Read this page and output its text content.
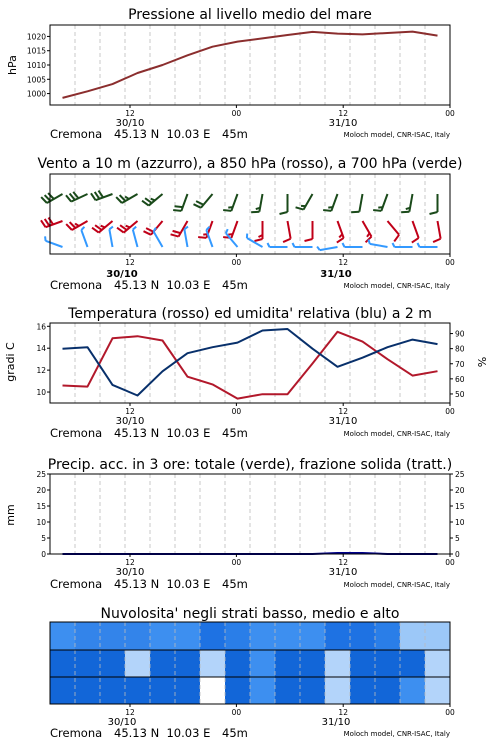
Pressione al livello medio del mare
hPa
1000
1005
1010
1015
1020
12	00	12	00
30/10	31/10
Cremona 45.13 N  10.03 E 45m	Moloch model, CNR-ISAC, Italy
Vento a 10 m (azzurro), a 850 hPa (rosso), a 700 hPa (verde)
12	00	12	00
30/10	31/10
Cremona 45.13 N  10.03 E 45m	Moloch model, CNR-ISAC, Italy
Temperatura (rosso) ed umidita' relativa (blu) a 2 m
gradi C	%
10
12
14
16
50
60
70
80
90
12	00	12	00
30/10	31/10
Cremona 45.13 N  10.03 E 45m	Moloch model, CNR-ISAC, Italy
Precip. acc. in 3 ore: totale (verde), frazione solida (tratt.)
mm
0
5
10
15
20
25
0
5
10
15
20
25
12	00	12	00
30/10	31/10
Cremona 45.13 N  10.03 E 45m	Moloch model, CNR-ISAC, Italy
Nuvolosita' negli strati basso, medio e alto
12	00	12	00
30/10	31/10
Cremona 45.13 N  10.03 E 45m	Moloch model, CNR-ISAC, Italy
